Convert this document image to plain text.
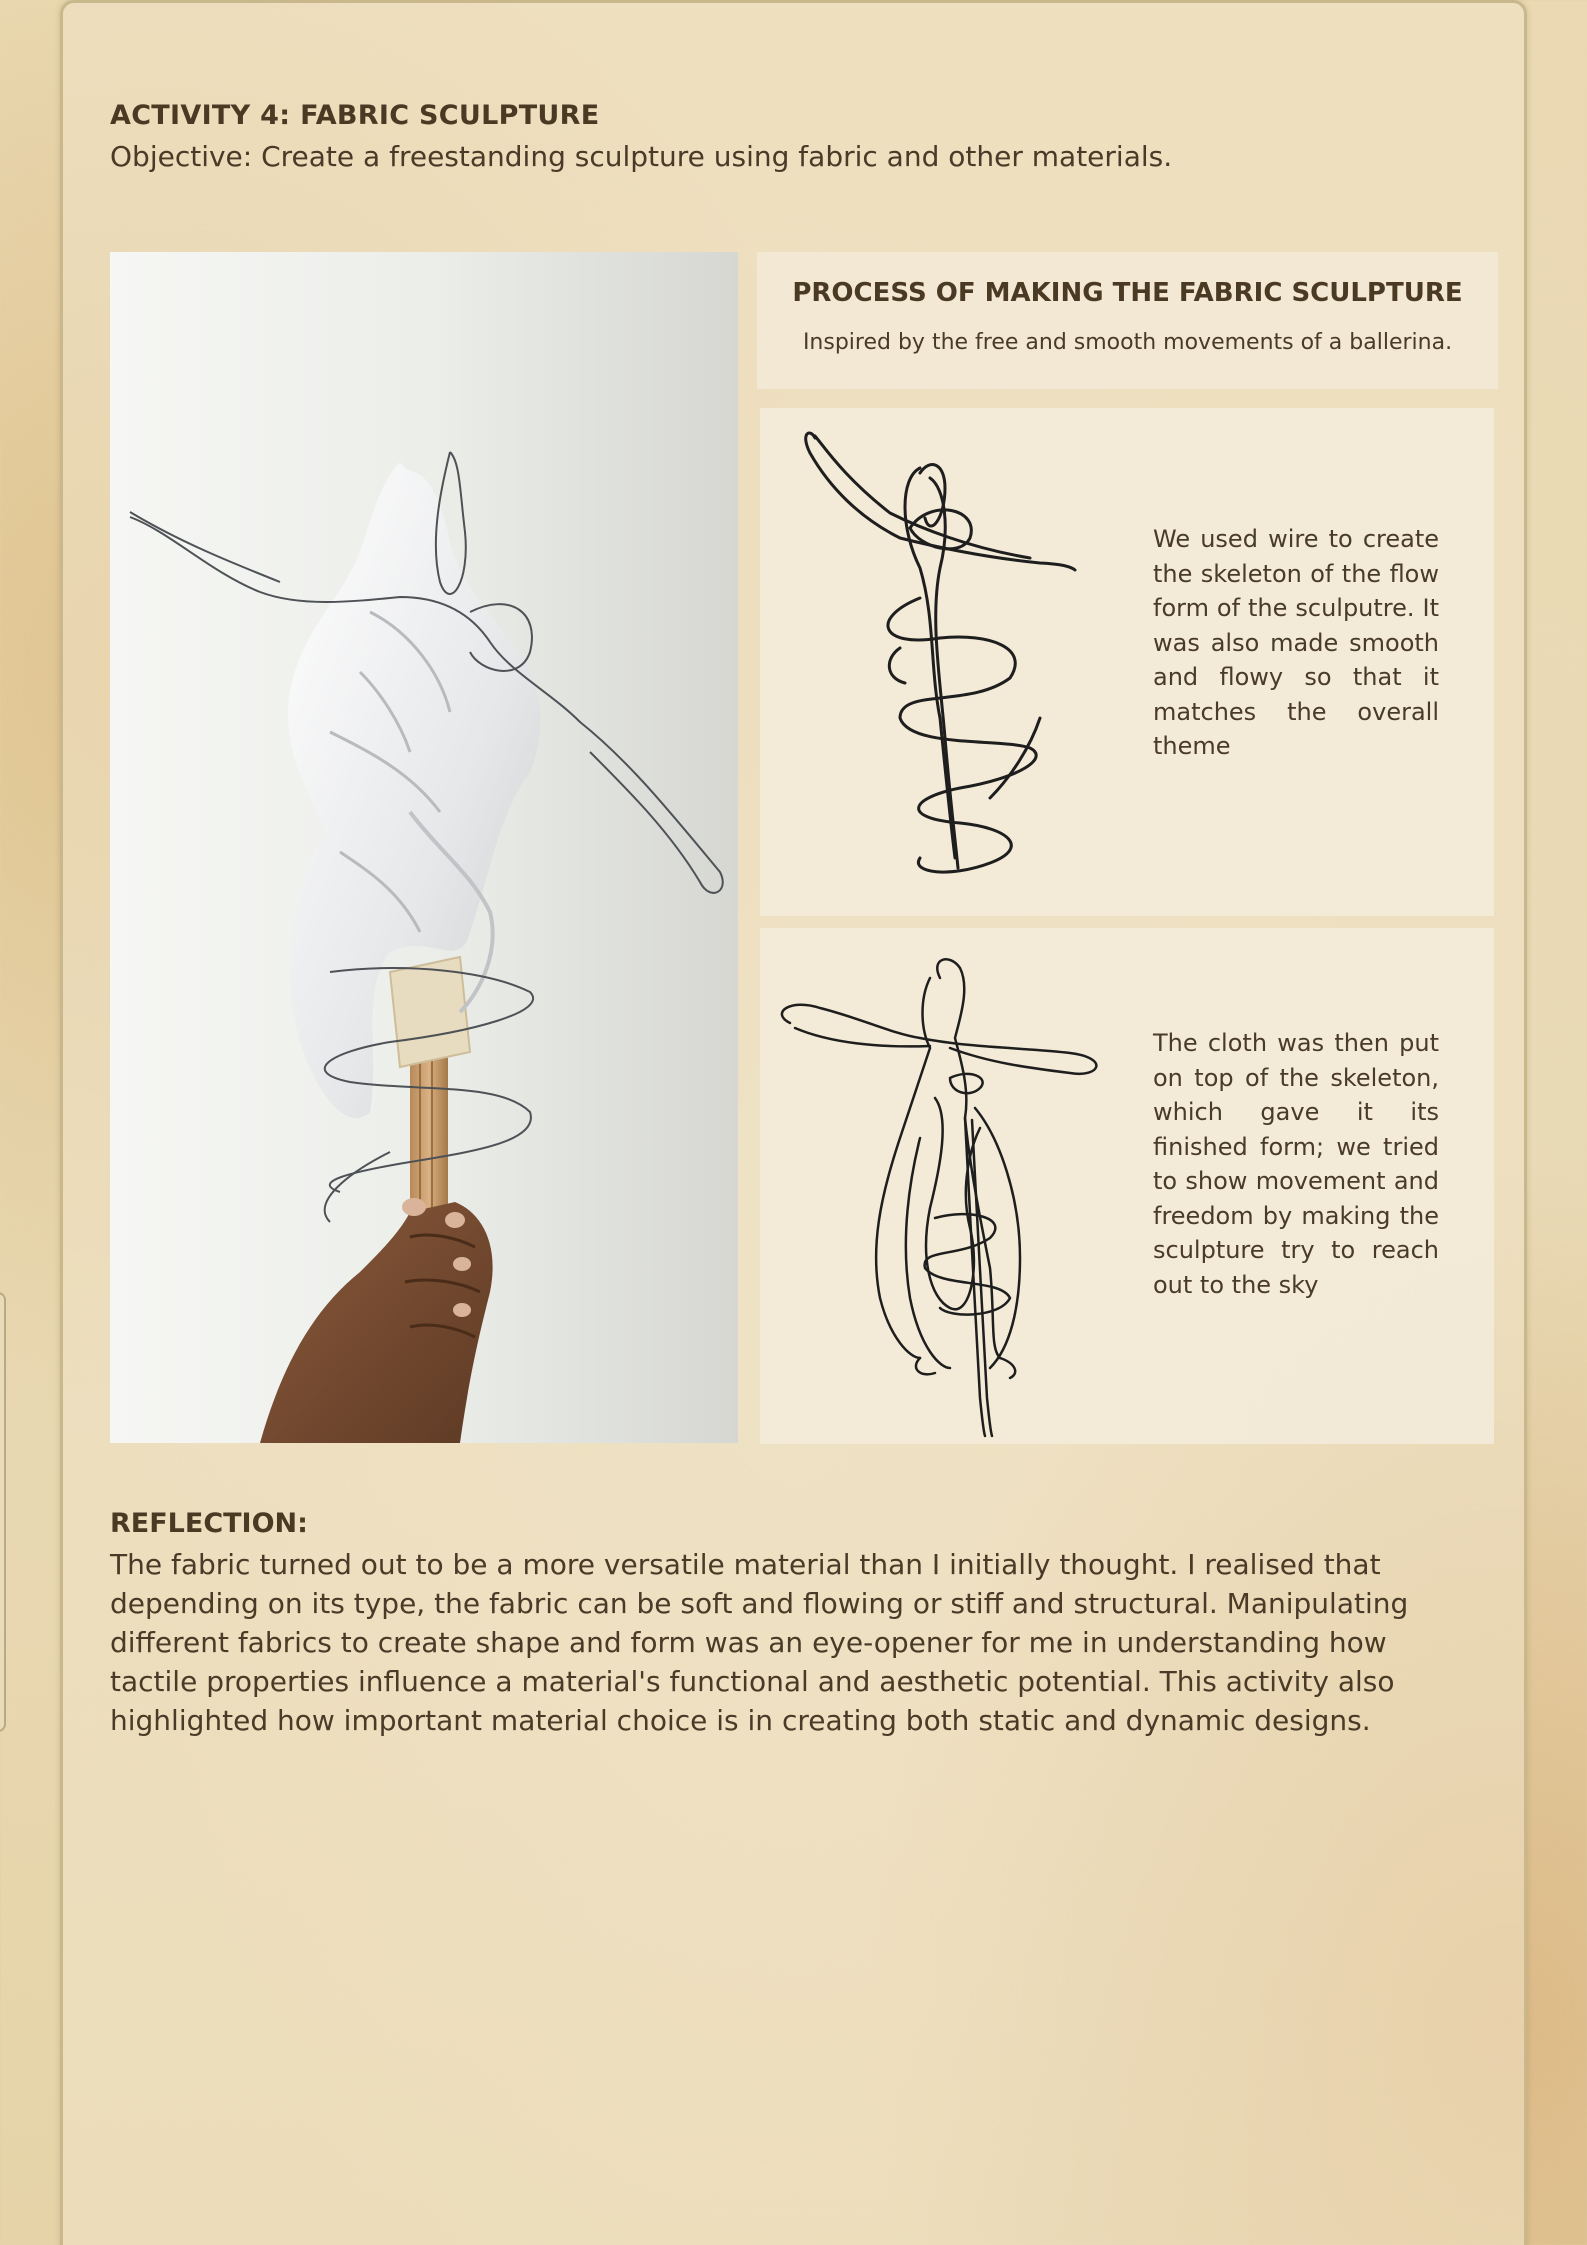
ACTIVITY 4: FABRIC SCULPTURE
Objective: Create a freestanding sculpture using fabric and other materials.
PROCESS OF MAKING THE FABRIC SCULPTURE
Inspired by the free and smooth movements of a ballerina.
We used wire to create the skeleton of the flow form of the sculputre. It was also made smooth and flowy so that it matches the overall theme
The cloth was then put on top of the skeleton, which gave it its finished form; we tried to show movement and freedom by making the sculpture try to reach out to the sky
REFLECTION:
The fabric turned out to be a more versatile material than I initially thought. I realised that depending on its type, the fabric can be soft and flowing or stiff and structural. Manipulating different fabrics to create shape and form was an eye-opener for me in understanding how tactile properties influence a material's functional and aesthetic potential. This activity also highlighted how important material choice is in creating both static and dynamic designs.
